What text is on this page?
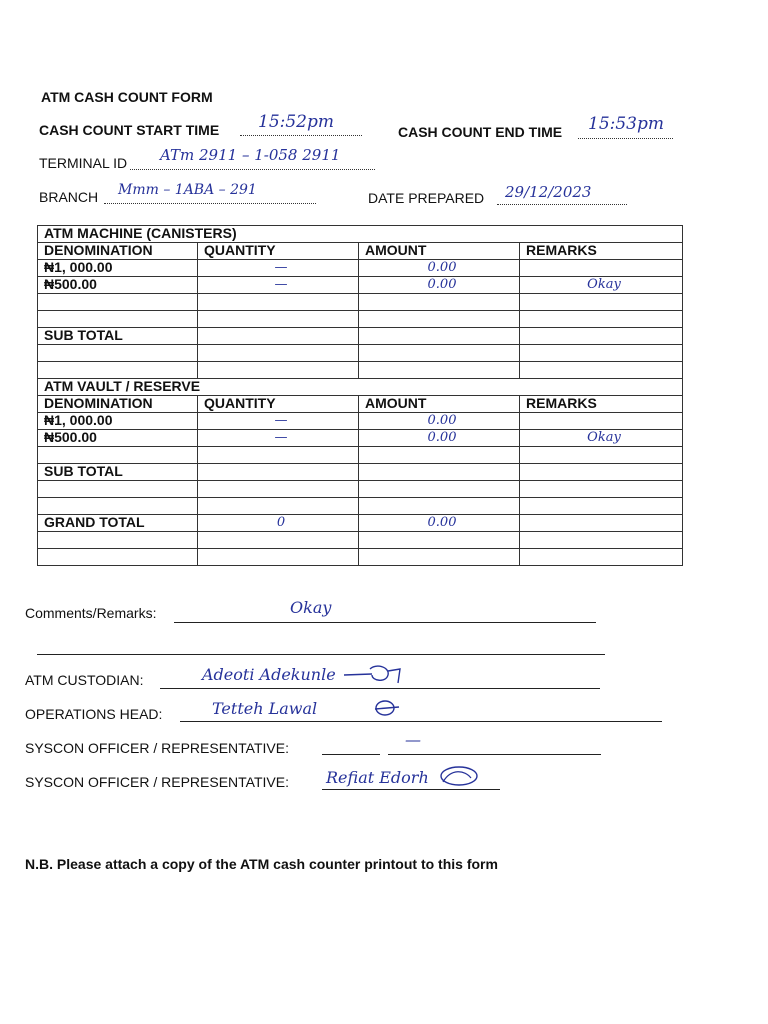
ATM CASH COUNT FORM
CASH COUNT START TIME 15:52pm	CASH COUNT END TIME 15:53pm
TERMINAL ID ATm 2911 – 1-058 2911
BRANCH Mmm – 1ABA – 291	DATE PREPARED 29/12/2023
ATM MACHINE (CANISTERS)			
DENOMINATION	QUANTITY	AMOUNT	REMARKS
₦1, 000.00	—	0.00	

₦500.00	—	0.00	Okay

SUB TOTAL			

ATM VAULT / RESERVE			
DENOMINATION	QUANTITY	AMOUNT	REMARKS
₦1, 000.00	—	0.00	

₦500.00	—	0.00	Okay

SUB TOTAL			

GRAND TOTAL	0	0.00	

Comments/Remarks:	Okay
ATM CUSTODIAN:	Adeoti Adekunle
OPERATIONS HEAD:	Tetteh Lawal
SYSCON OFFICER / REPRESENTATIVE:	—
SYSCON OFFICER / REPRESENTATIVE: Refiat Edorh
N.B. Please attach a copy of the ATM cash counter printout to this form
